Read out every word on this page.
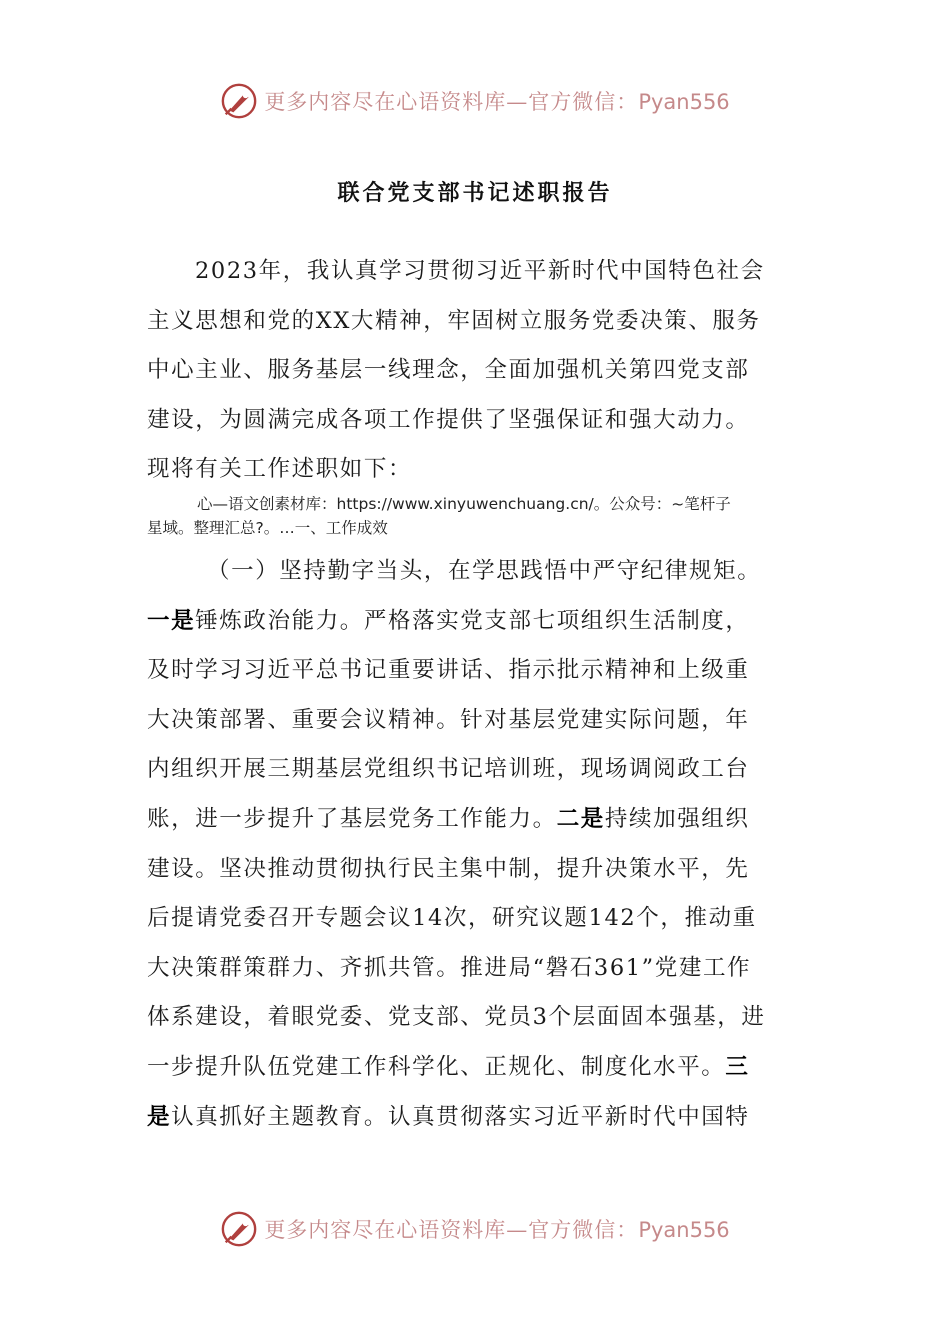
更多内容尽在心语资料库—官方微信：Pyan556
联合党支部书记述职报告
2023年，我认真学习贯彻习近平新时代中国特色社会
主义思想和党的XX大精神，牢固树立服务党委决策、服务
中心主业、服务基层一线理念，全面加强机关第四党支部
建设，为圆满完成各项工作提供了坚强保证和强大动力。
现将有关工作述职如下：
心—语文创素材库：https://www.xinyuwenchuang.cn/。公众号：~笔杆子
星域。整理汇总?。…一、工作成效
（一）坚持勤字当头，在学思践悟中严守纪律规矩。
一是锤炼政治能力。严格落实党支部七项组织生活制度，
及时学习习近平总书记重要讲话、指示批示精神和上级重
大决策部署、重要会议精神。针对基层党建实际问题，年
内组织开展三期基层党组织书记培训班，现场调阅政工台
账，进一步提升了基层党务工作能力。二是持续加强组织
建设。坚决推动贯彻执行民主集中制，提升决策水平，先
后提请党委召开专题会议14次，研究议题142个，推动重
大决策群策群力、齐抓共管。推进局“磐石361”党建工作
体系建设，着眼党委、党支部、党员3个层面固本强基，进
一步提升队伍党建工作科学化、正规化、制度化水平。三
是认真抓好主题教育。认真贯彻落实习近平新时代中国特
更多内容尽在心语资料库—官方微信：Pyan556
